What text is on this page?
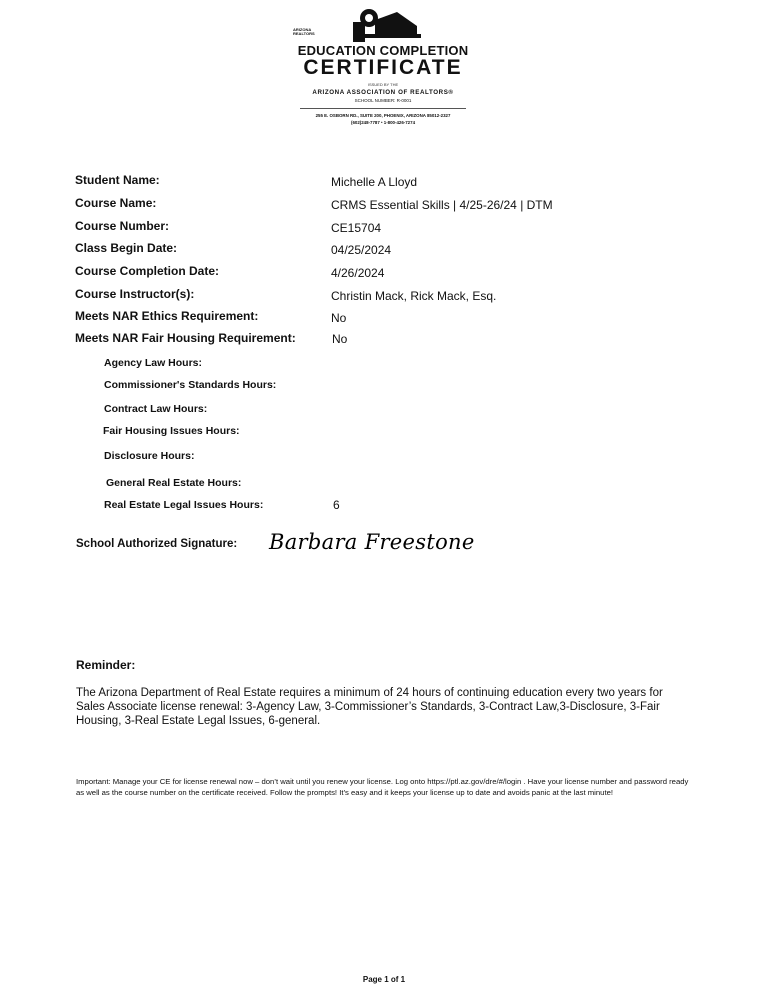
ARIZONA REALTORS
EDUCATION COMPLETION
CERTIFICATE
ISSUED BY THE
ARIZONA ASSOCIATION OF REALTORS®
SCHOOL NUMBER: R-0001
255 E. OSBORN RD., SUITE 200, PHOENIX, ARIZONA 85012-2327
(602)248-7787 • 1-800-426-7274
Student Name:	Michelle A Lloyd
Course Name:	CRMS Essential Skills | 4/25-26/24 | DTM
Course Number:	CE15704
Class Begin Date:	04/25/2024
Course Completion Date:	4/26/2024
Course Instructor(s):	Christin Mack, Rick Mack, Esq.
Meets NAR Ethics Requirement:	No
Meets NAR Fair Housing Requirement:	No
Agency Law Hours:
Commissioner's Standards Hours:
Contract Law Hours:
Fair Housing Issues Hours:
Disclosure Hours:
General Real Estate Hours:
Real Estate Legal Issues Hours:	6
School Authorized Signature: Barbara Freestone
Reminder:
The Arizona Department of Real Estate requires a minimum of 24 hours of continuing education every two years for Sales Associate license renewal: 3-Agency Law, 3-Commissioner’s Standards, 3-Contract Law,3-Disclosure, 3-Fair Housing, 3-Real Estate Legal Issues, 6-general.
Important: Manage your CE for license renewal now – don’t wait until you renew your license. Log onto https://ptl.az.gov/dre/#/login . Have your license number and password ready as well as the course number on the certificate received. Follow the prompts! It’s easy and it keeps your license up to date and avoids panic at the last minute!
Page 1 of 1
